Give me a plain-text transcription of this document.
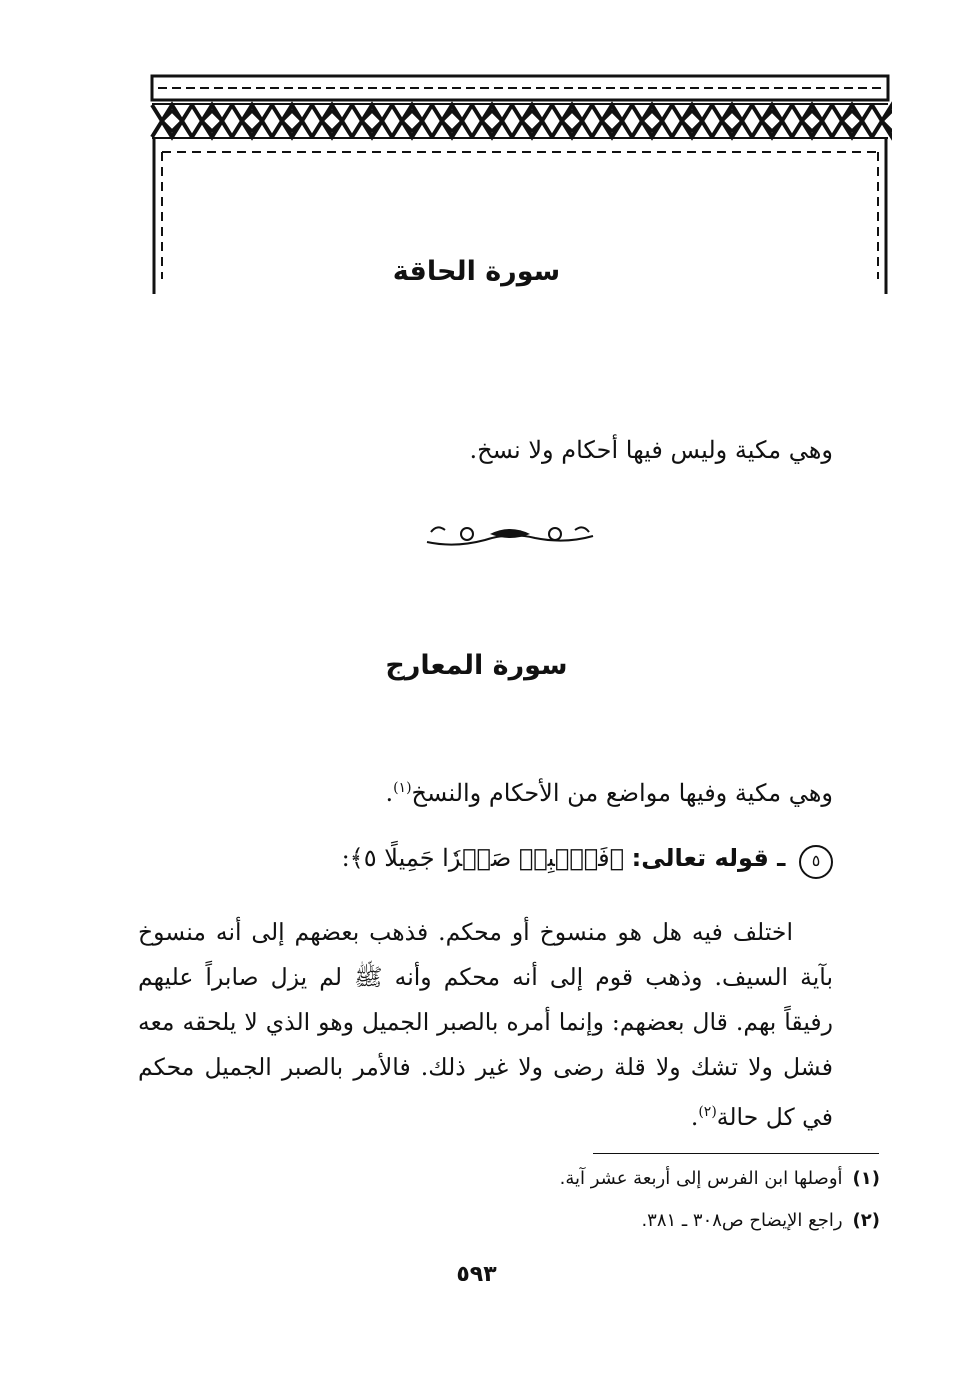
سورة الحاقة
وهي مكية وليس فيها أحكام ولا نسخ.
سورة المعارج
وهي مكية وفيها مواضع من الأحكام والنسخ$^{(١)}$.
٥ ـ قوله تعالى: ﴿فَٱصۡبِرۡ صَبۡرٗا جَمِيلًا ٥﴾:
اختلف فيه هل هو منسوخ أو محكم. فذهب بعضهم إلى أنه منسوخ بآية السيف. وذهب قوم إلى أنه محكم وأنه ﷺ لم يزل صابراً عليهم رفيقاً بهم. قال بعضهم: وإنما أمره بالصبر الجميل وهو الذي لا يلحقه معه فشل ولا تشك ولا قلة رضى ولا غير ذلك. فالأمر بالصبر الجميل محكم في كل حالة$^{(٢)}$.
(١)أوصلها ابن الفرس إلى أربعة عشر آية.
(٢)راجع الإيضاح ص٣٠٨ ـ ٣٨١.
٥٩٣
